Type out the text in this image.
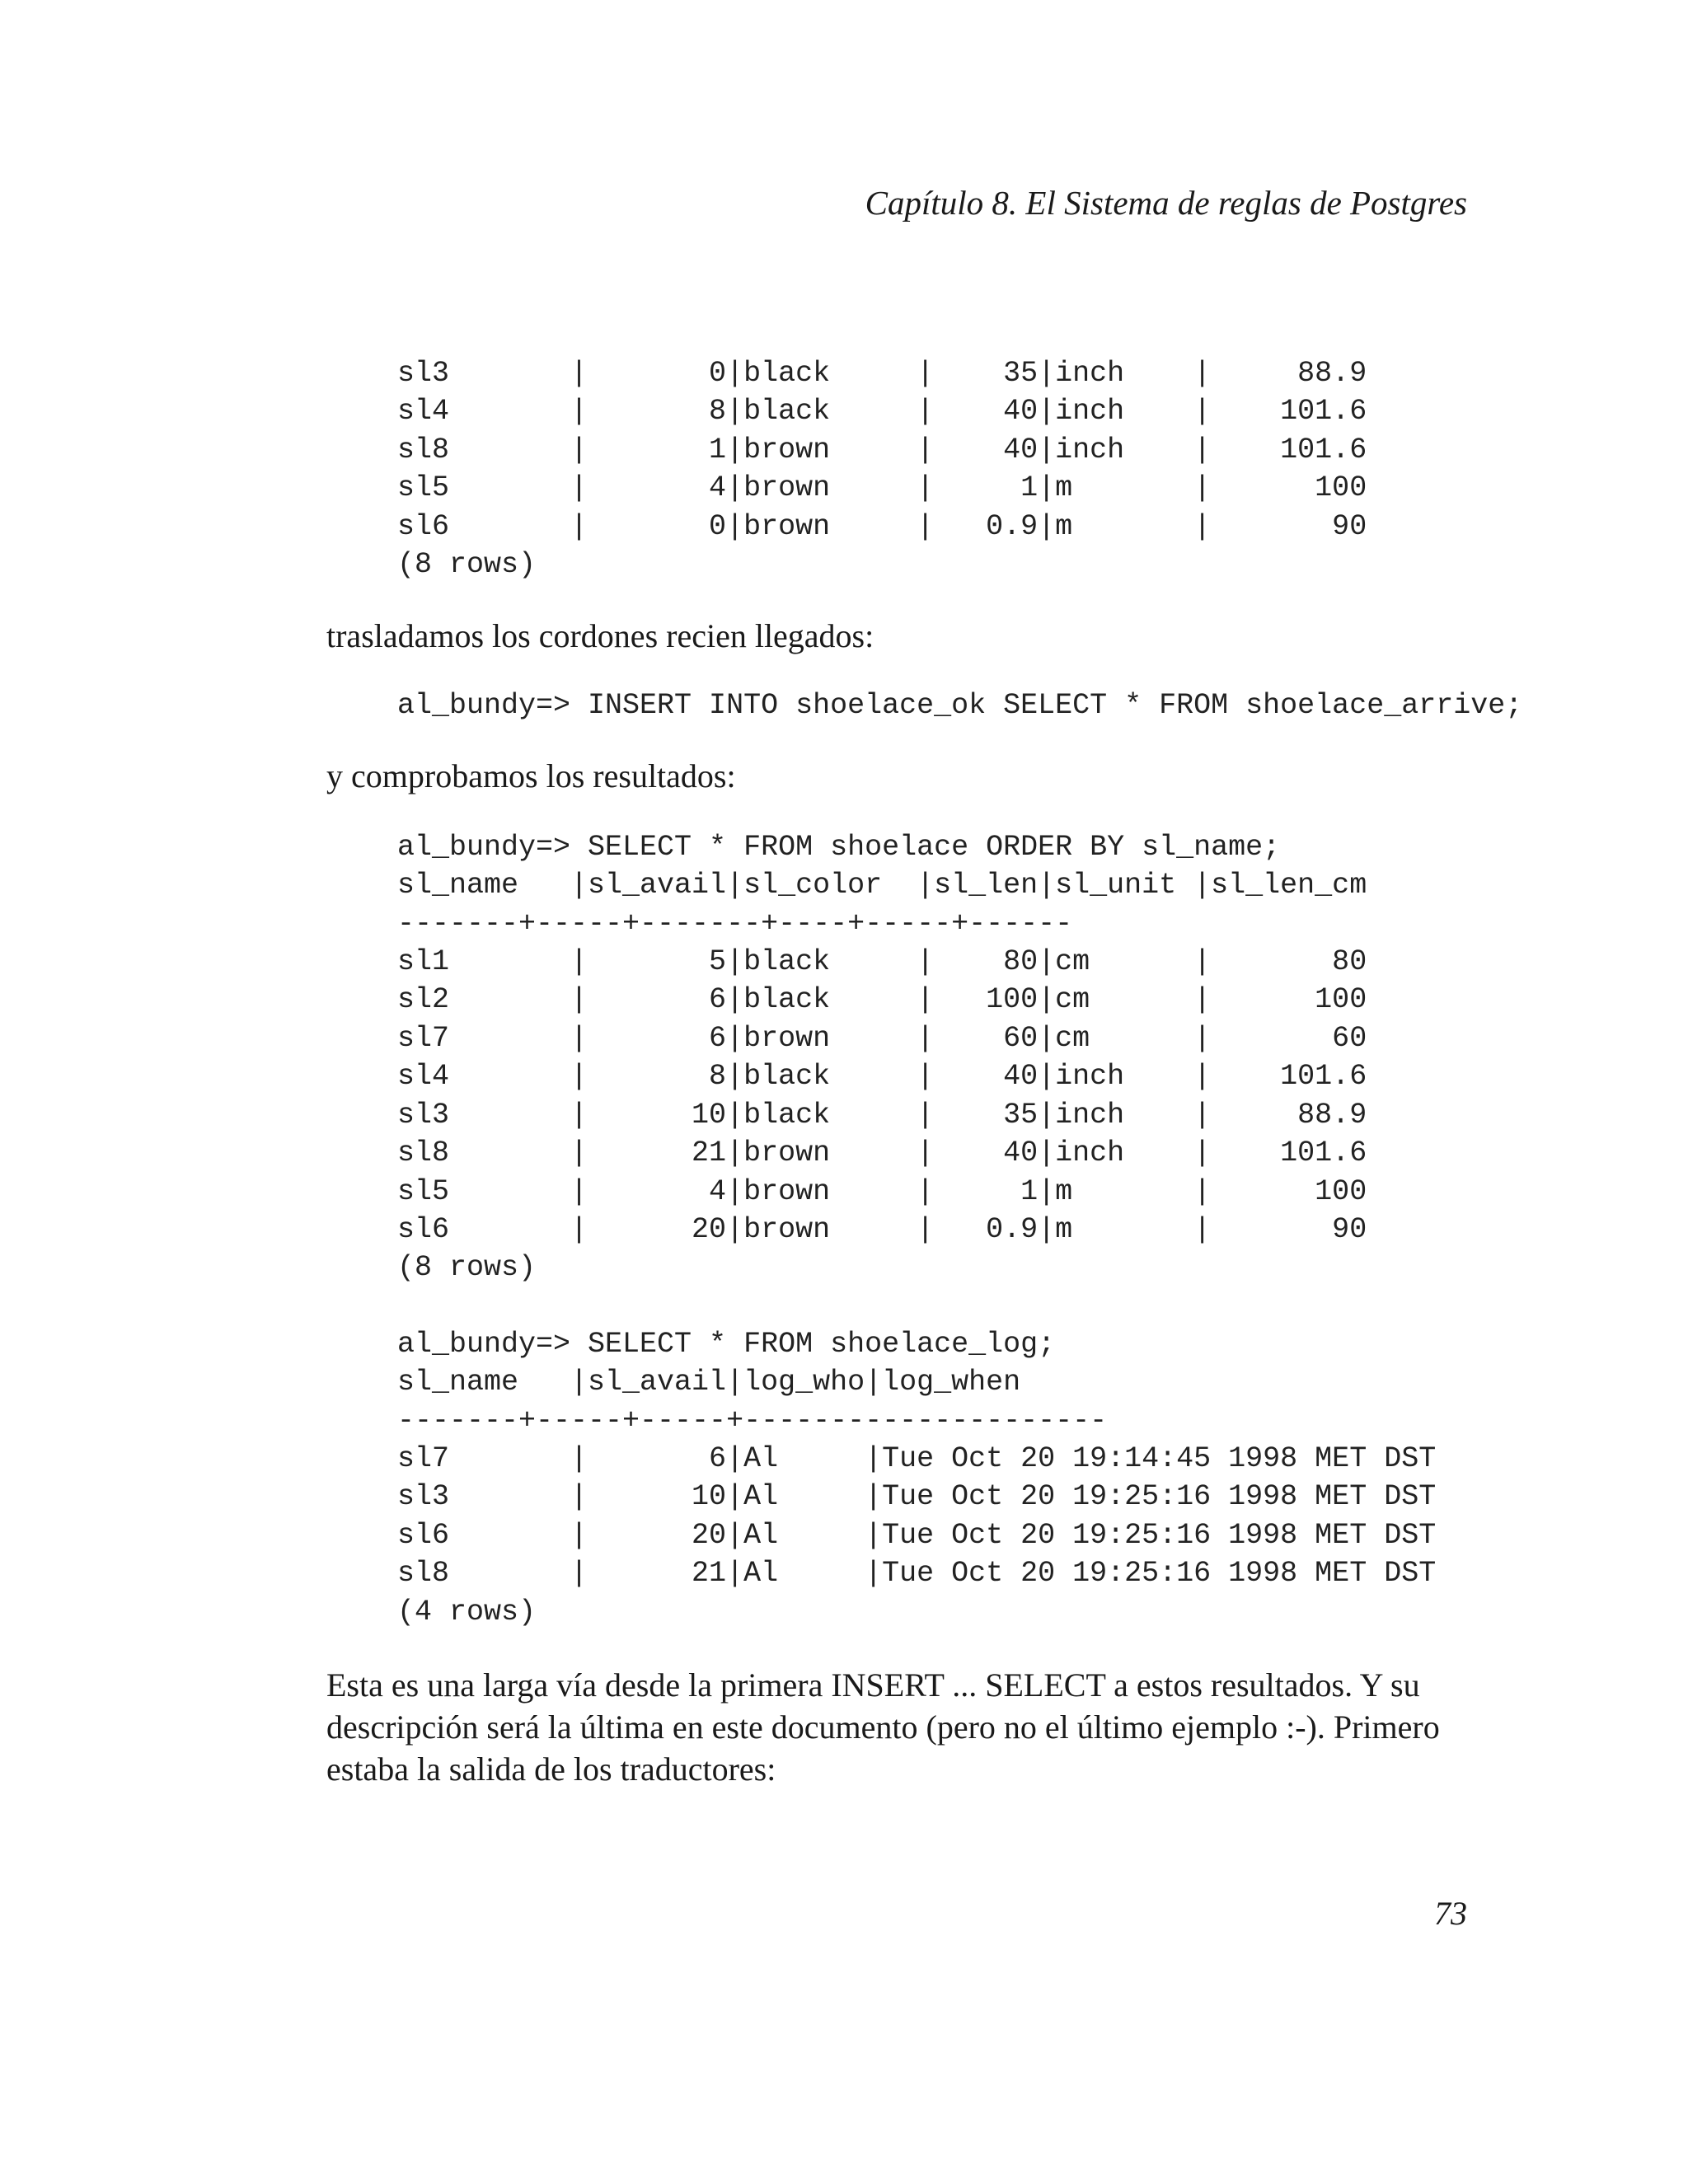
Capítulo 8. El Sistema de reglas de Postgres
sl3       |       0|black     |    35|inch    |     88.9
sl4       |       8|black     |    40|inch    |    101.6
sl8       |       1|brown     |    40|inch    |    101.6
sl5       |       4|brown     |     1|m       |      100
sl6       |       0|brown     |   0.9|m       |       90
(8 rows)

trasladamos los cordones recien llegados:

al_bundy=> INSERT INTO shoelace_ok SELECT * FROM shoelace_arrive;

y comprobamos los resultados:

al_bundy=> SELECT * FROM shoelace ORDER BY sl_name;
sl_name   |sl_avail|sl_color  |sl_len|sl_unit |sl_len_cm
-------+-----+-------+----+-----+------
sl1       |       5|black     |    80|cm      |       80
sl2       |       6|black     |   100|cm      |      100
sl7       |       6|brown     |    60|cm      |       60
sl4       |       8|black     |    40|inch    |    101.6
sl3       |      10|black     |    35|inch    |     88.9
sl8       |      21|brown     |    40|inch    |    101.6
sl5       |       4|brown     |     1|m       |      100
sl6       |      20|brown     |   0.9|m       |       90
(8 rows)
al_bundy=> SELECT * FROM shoelace_log;
sl_name   |sl_avail|log_who|log_when
-------+-----+-----+---------------------
sl7       |       6|Al     |Tue Oct 20 19:14:45 1998 MET DST
sl3       |      10|Al     |Tue Oct 20 19:25:16 1998 MET DST
sl6       |      20|Al     |Tue Oct 20 19:25:16 1998 MET DST
sl8       |      21|Al     |Tue Oct 20 19:25:16 1998 MET DST
(4 rows)

Esta es una larga vía desde la primera INSERT ... SELECT a estos resultados. Y su descripción será la última en este documento (pero no el último ejemplo :-). Primero estaba la salida de los traductores:

73
